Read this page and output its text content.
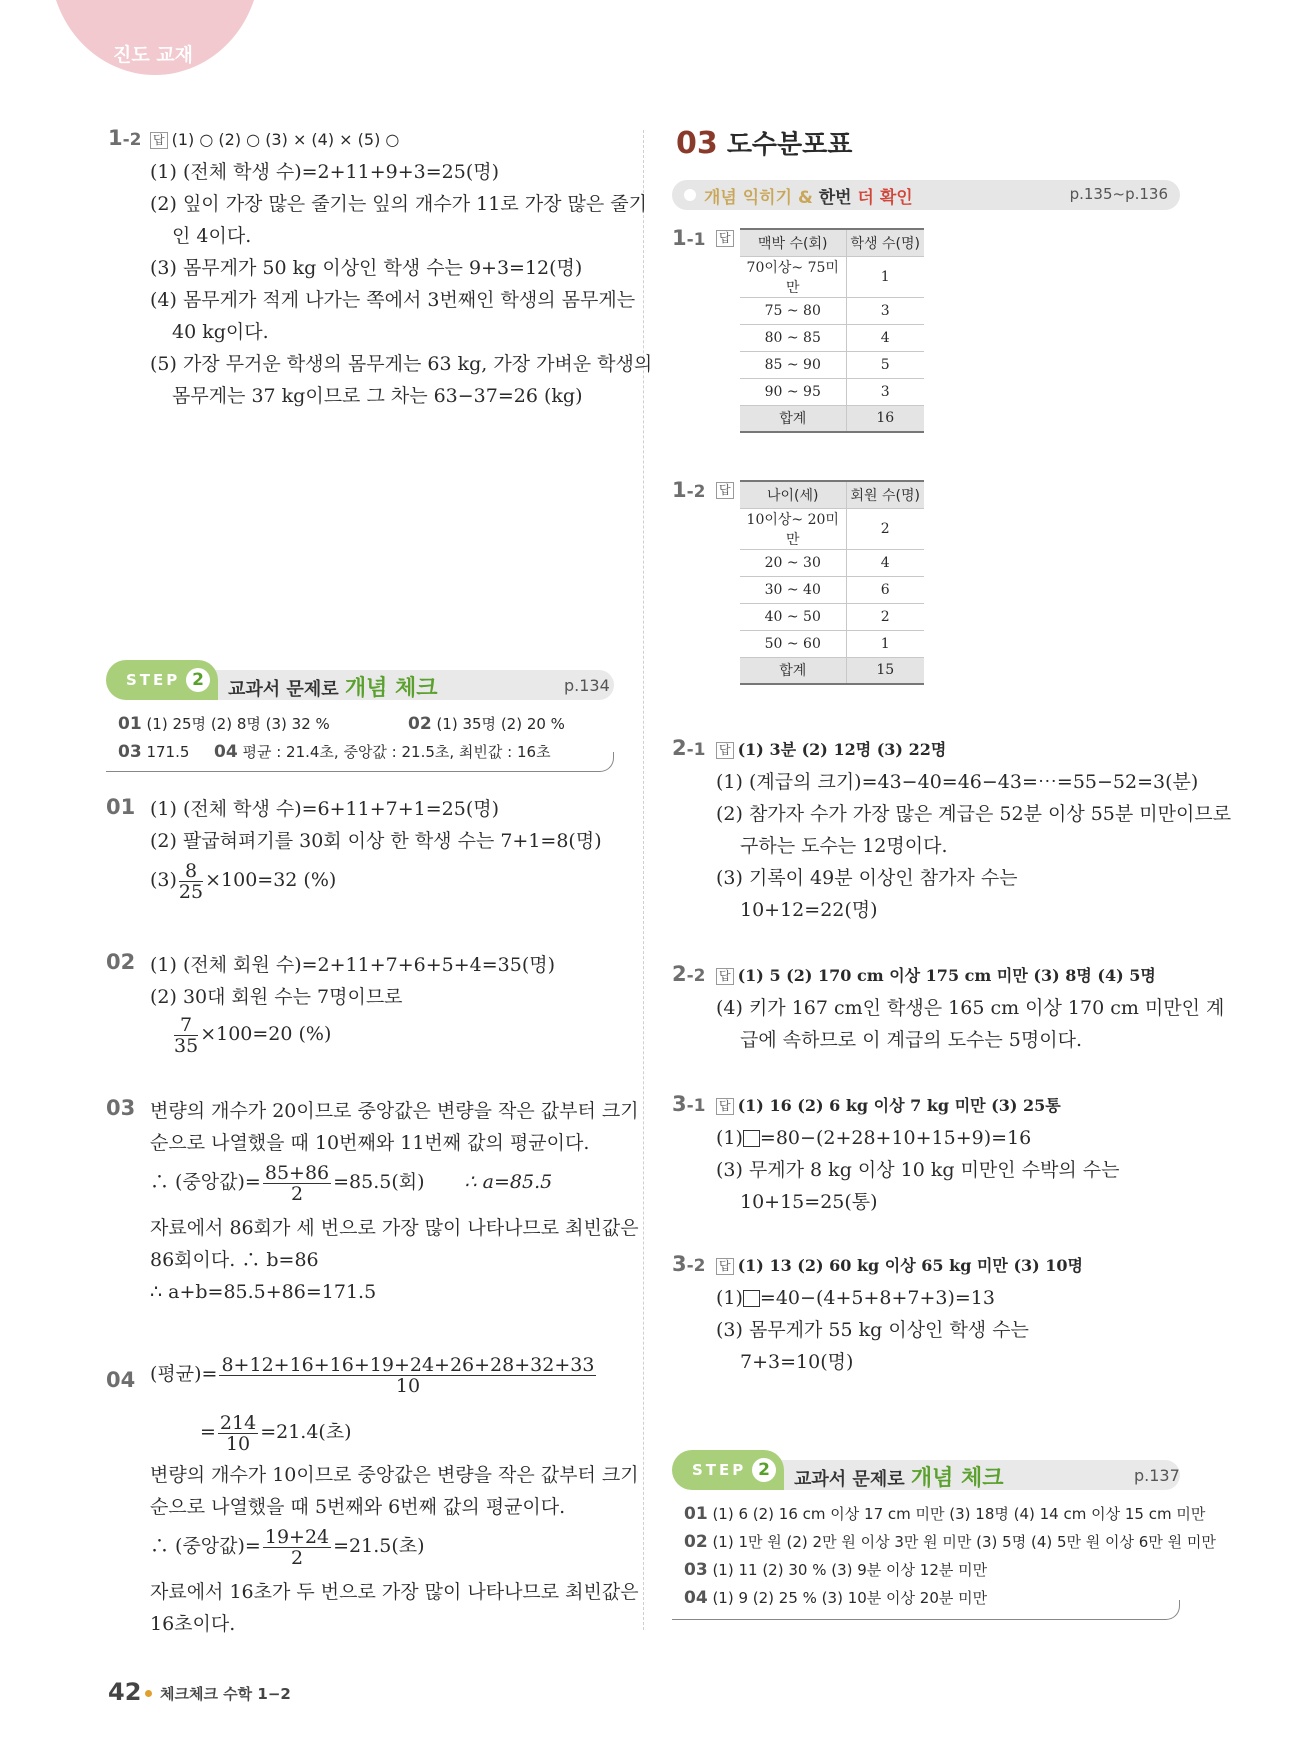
진도 교재
1-2 답 (1) ○ (2) ○ (3) × (4) × (5) ○
(1) (전체 학생 수)=2+11+9+3=25(명)
(2) 잎이 가장 많은 줄기는 잎의 개수가 11로 가장 많은 줄기
인 4이다.
(3) 몸무게가 50 kg 이상인 학생 수는 9+3=12(명)
(4) 몸무게가 적게 나가는 쪽에서 3번째인 학생의 몸무게는
40 kg이다.
(5) 가장 무거운 학생의 몸무게는 63 kg, 가장 가벼운 학생의
몸무게는 37 kg이므로 그 차는 63−37=26 (kg)
STEP 2	교과서 문제로 개념 체크	p.134
01 (1) 25명 (2) 8명 (3) 32 %	02 (1) 35명 (2) 20 %
03 171.5 04 평균 : 21.4초, 중앙값 : 21.5초, 최빈값 : 16초
01 (1) (전체 학생 수)=6+11+7+1=25(명)
(2) 팔굽혀펴기를 30회 이상 한 학생 수는 7+1=8(명)
$(3) \frac{8}{25} \times 100=32$ (%)
02 (1) (전체 회원 수)=2+11+7+6+5+4=35(명)
(2) 30대 회원 수는 7명이므로
$\frac{7}{35} \times 100=20$ (%)
03 변량의 개수가 20이므로 중앙값은 변량을 작은 값부터 크기
순으로 나열했을 때 10번째와 11번째 값의 평균이다.
∴ (중앙값)= $\frac{85+86}{2} =85.5$(회) ∴ a=85.5
자료에서 86회가 세 번으로 가장 많이 나타나므로 최빈값은
86회이다. ∴ b=86
∴ a+b=85.5+86=171.5
04 (평균)= $\frac{8+12+16+16+19+24+26+28+32+33}{10}$
= $\frac{214}{10} =21.4$(초)
변량의 개수가 10이므로 중앙값은 변량을 작은 값부터 크기
순으로 나열했을 때 5번째와 6번째 값의 평균이다.
∴ (중앙값)= $\frac{19+24}{2} =21.5$(초)
자료에서 16초가 두 번으로 가장 많이 나타나므로 최빈값은
16초이다.
03 도수분포표
개념 익히기 & 한번 더 확인	p.135~p.136
1-1 답 맥박 수(회)	학생 수(명)
70이상~ 75미만	1
75 ~ 80	3
80 ~ 85	4
85 ~ 90	5
90 ~ 95	3
합계	16
1-2 답	나이(세)	회원 수(명)
10이상~ 20미만	2
20 ~ 30	4
30 ~ 40	6
40 ~ 50	2
50 ~ 60	1
합계	15
2-1 답 (1) 3분 (2) 12명 (3) 22명
(1) (계급의 크기)=43−40=46−43=⋯=55−52=3(분)
(2) 참가자 수가 가장 많은 계급은 52분 이상 55분 미만이므로
구하는 도수는 12명이다.
(3) 기록이 49분 이상인 참가자 수는
10+12=22(명)
2-2 답 (1) 5 (2) 170 cm 이상 175 cm 미만 (3) 8명 (4) 5명
(4) 키가 167 cm인 학생은 165 cm 이상 170 cm 미만인 계
급에 속하므로 이 계급의 도수는 5명이다.
3-1 답 (1) 16 (2) 6 kg 이상 7 kg 미만 (3) 25통
(1) =80−(2+28+10+15+9)=16
(3) 무게가 8 kg 이상 10 kg 미만인 수박의 수는
10+15=25(통)
3-2 답 (1) 13 (2) 60 kg 이상 65 kg 미만 (3) 10명
(1) =40−(4+5+8+7+3)=13
(3) 몸무게가 55 kg 이상인 학생 수는
7+3=10(명)
STEP 2	교과서 문제로 개념 체크	p.137
01 (1) 6 (2) 16 cm 이상 17 cm 미만 (3) 18명 (4) 14 cm 이상 15 cm 미만
02 (1) 1만 원 (2) 2만 원 이상 3만 원 미만 (3) 5명 (4) 5만 원 이상 6만 원 미만
03 (1) 11 (2) 30 % (3) 9분 이상 12분 미만
04 (1) 9 (2) 25 % (3) 10분 이상 20분 미만
42 체크체크 수학 1−2
